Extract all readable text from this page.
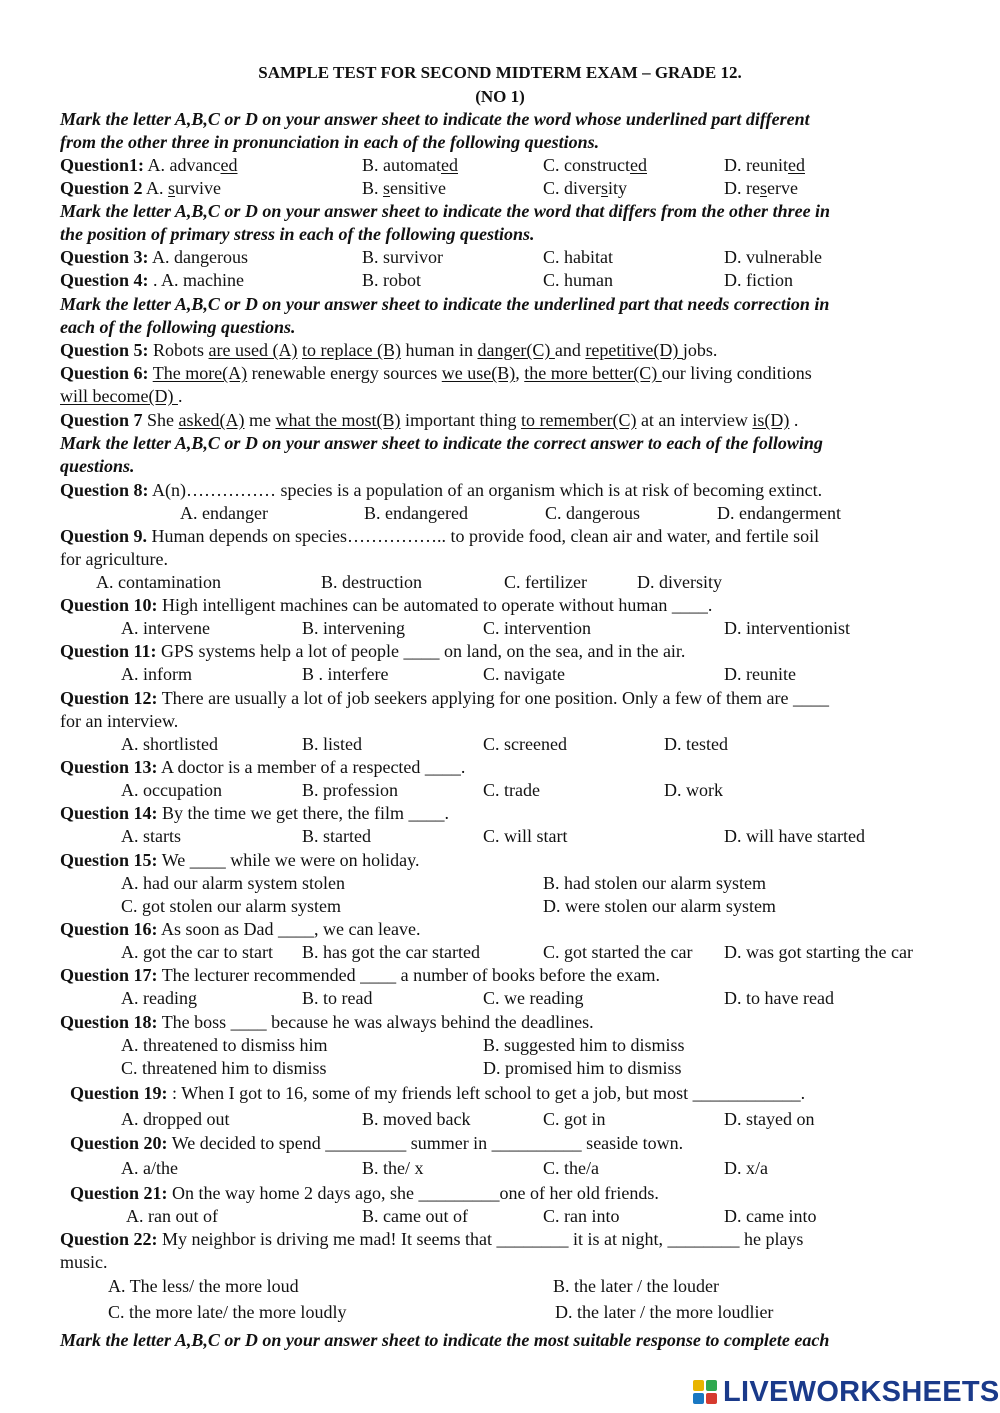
SAMPLE TEST FOR SECOND MIDTERM EXAM – GRADE 12.
(NO 1)
Mark the letter A,B,C or D on your answer sheet to indicate the word whose underlined part different
from the other three in pronunciation in each of the following questions.
Question1: A. advanced	B. automated	C. constructed	D. reunited
Question 2 A. survive	B. sensitive	C. diversity	D. reserve
Mark the letter A,B,C or D on your answer sheet to indicate the word that differs from the other three in
the position of primary stress in each of the following questions.
Question 3: A. dangerous	B. survivor	C. habitat	D. vulnerable
Question 4: . A. machine	B. robot	C. human	D. fiction
Mark the letter A,B,C or D on your answer sheet to indicate the underlined part that needs correction in
each of the following questions.
Question 5: Robots are used (A) to replace (B) human in danger(C) and repetitive(D) jobs.
Question 6: The more(A) renewable energy sources we use(B), the more better(C) our living conditions
will become(D) .
Question 7 She asked(A) me what the most(B) important thing to remember(C) at an interview is(D) .
Mark the letter A,B,C or D on your answer sheet to indicate the correct answer to each of the following
questions.
Question 8: A(n)…………… species is a population of an organism which is at risk of becoming extinct.
A. endanger	B. endangered	C. dangerous	D. endangerment
Question 9. Human depends on species…………….. to provide food, clean air and water, and fertile soil
for agriculture.
A. contamination	B. destruction	C. fertilizer	D. diversity
Question 10: High intelligent machines can be automated to operate without human ____.
A. intervene	B. intervening	C. intervention	D. interventionist
Question 11: GPS systems help a lot of people ____ on land, on the sea, and in the air.
A. inform	B . interfere	C. navigate	D. reunite
Question 12: There are usually a lot of job seekers applying for one position. Only a few of them are ____
for an interview.
A. shortlisted	B. listed	C. screened	D. tested
Question 13: A doctor is a member of a respected ____.
A. occupation	B. profession	C. trade	D. work
Question 14: By the time we get there, the film ____.
A. starts	B. started	C. will start	D. will have started
Question 15: We ____ while we were on holiday.
A. had our alarm system stolen	B. had stolen our alarm system
C. got stolen our alarm system	D. were stolen our alarm system
Question 16: As soon as Dad ____, we can leave.
A. got the car to start B. has got the car started	C. got started the car D. was got starting the car
Question 17: The lecturer recommended ____ a number of books before the exam.
A. reading	B. to read	C. we reading	D. to have read
Question 18: The boss ____ because he was always behind the deadlines.
A. threatened to dismiss him	B. suggested him to dismiss
C. threatened him to dismiss	D. promised him to dismiss
Question 19: : When I got to 16, some of my friends left school to get a job, but most ____________.
A. dropped out	B. moved back	C. got in	D. stayed on
Question 20: We decided to spend _________ summer in __________ seaside town.
A. a/the	B. the/ x	C. the/a	D. x/a
Question 21: On the way home 2 days ago, she _________one of her old friends.
A. ran out of	B. came out of	C. ran into	D. came into
Question 22: My neighbor is driving me mad! It seems that ________ it is at night, ________ he plays
music.
A. The less/ the more loud	B. the later / the louder
C. the more late/ the more loudly	D. the later / the more loudlier
Mark the letter A,B,C or D on your answer sheet to indicate the most suitable response to complete each
LIVEWORKSHEETS
